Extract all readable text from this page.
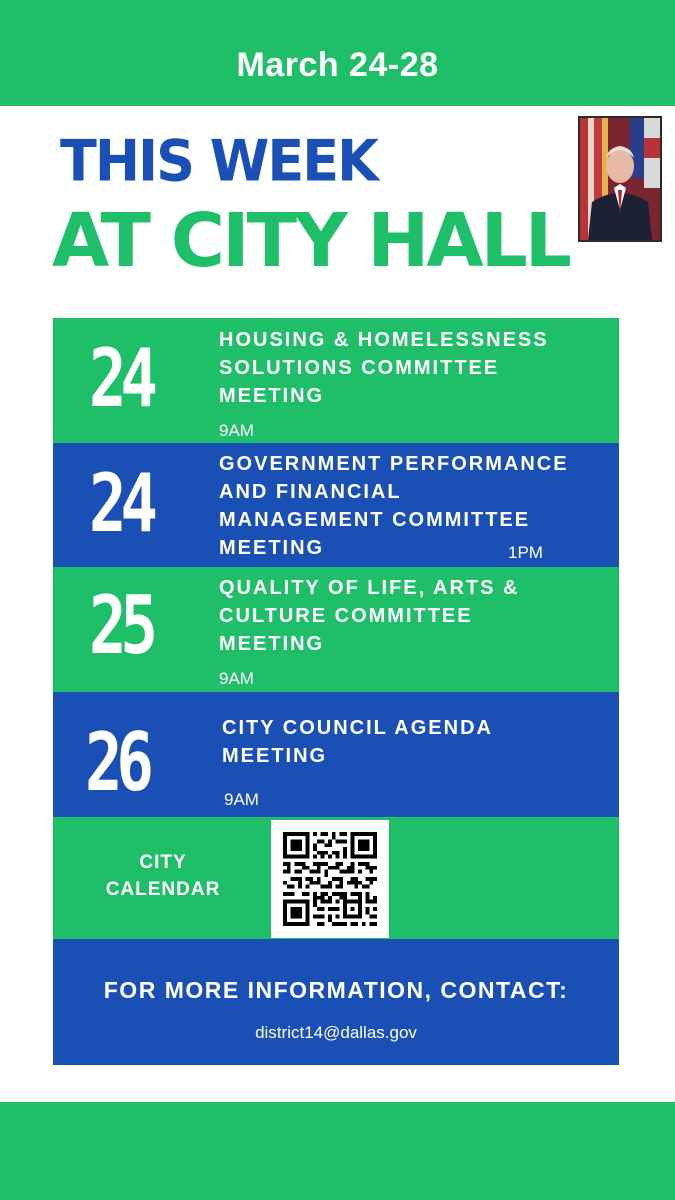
March 24-28
THIS WEEK
AT CITY HALL
24	HOUSING & HOMELESSNESS
SOLUTIONS COMMITTEE
MEETING
9AM
24	GOVERNMENT PERFORMANCE
AND FINANCIAL
MANAGEMENT COMMITTEE
MEETING	1PM
25	QUALITY OF LIFE, ARTS &
CULTURE COMMITTEE
MEETING
9AM
26	CITY COUNCIL AGENDA
MEETING
9AM
CITY
CALENDAR
FOR MORE INFORMATION, CONTACT:
district14@dallas.gov
